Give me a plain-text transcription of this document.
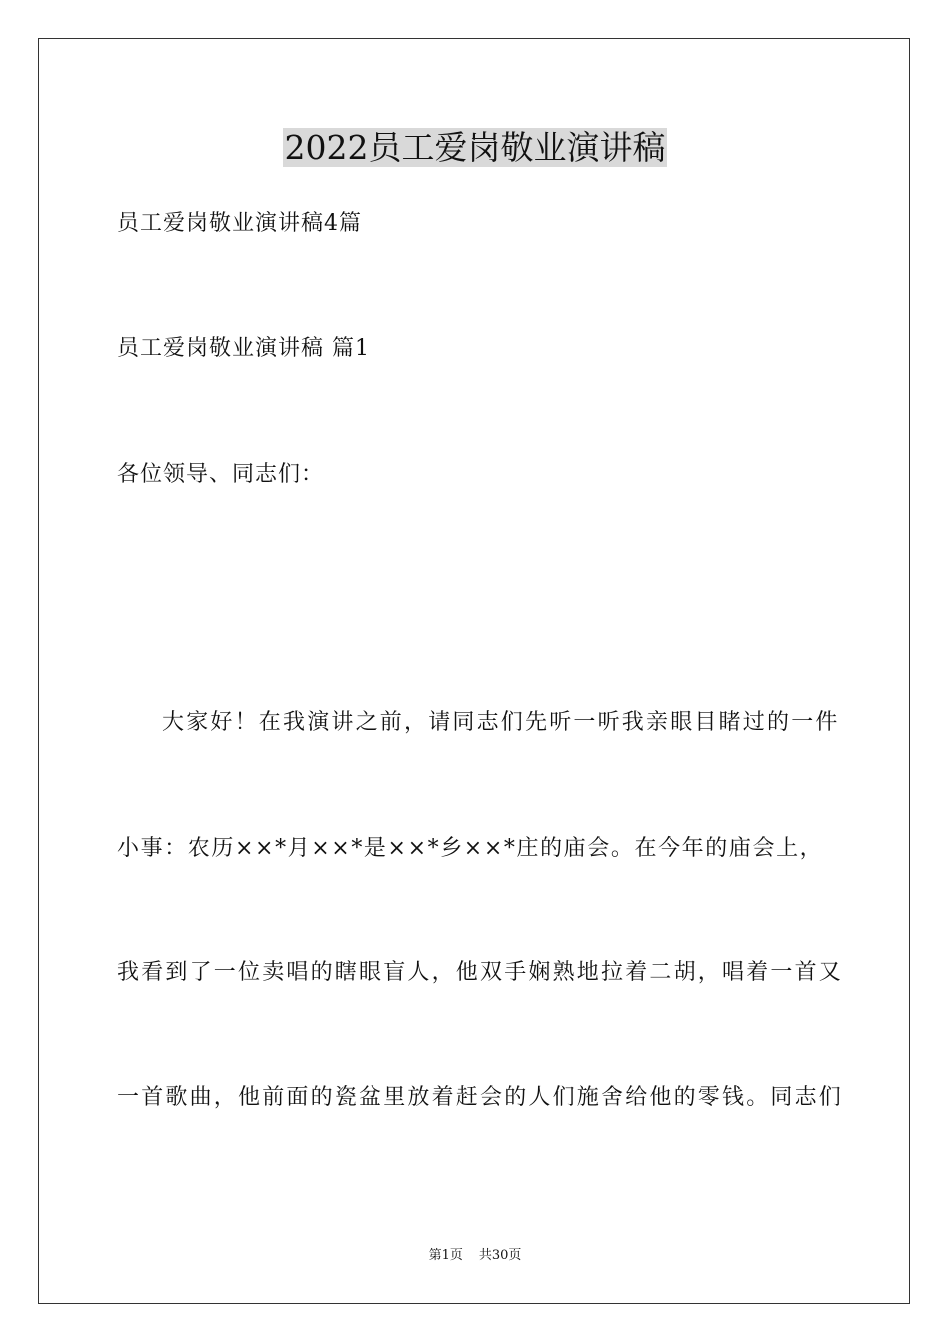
2022员工爱岗敬业演讲稿
员工爱岗敬业演讲稿4篇
员工爱岗敬业演讲稿 篇1
各位领导、同志们：
大家好！在我演讲之前，请同志们先听一听我亲眼目睹过的一件
小事：农历××*月××*是××*乡××*庄的庙会。在今年的庙会上，
我看到了一位卖唱的瞎眼盲人，他双手娴熟地拉着二胡，唱着一首又
一首歌曲，他前面的瓷盆里放着赶会的人们施舍给他的零钱。同志们
第1页 共30页
